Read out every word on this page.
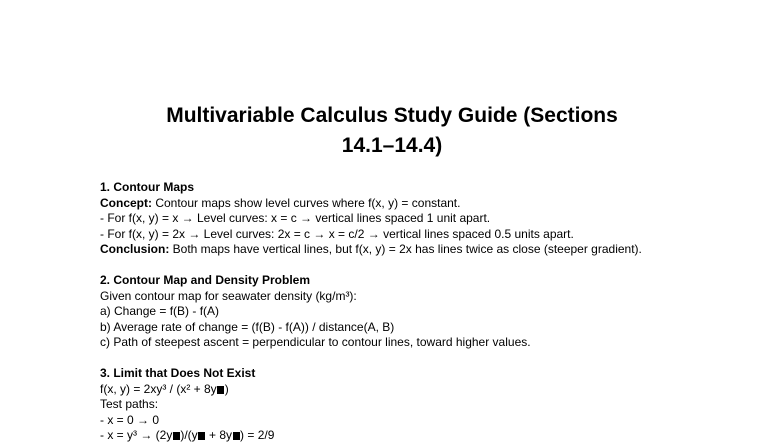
Multivariable Calculus Study Guide (Sections
14.1–14.4)

1. Contour Maps

Concept: Contour maps show level curves where f(x, y) = constant.

- For f(x, y) = x → Level curves: x = c → vertical lines spaced 1 unit apart.

- For f(x, y) = 2x → Level curves: 2x = c → x = c/2 → vertical lines spaced 0.5 units apart.

Conclusion: Both maps have vertical lines, but f(x, y) = 2x has lines twice as close (steeper gradient).

2. Contour Map and Density Problem

Given contour map for seawater density (kg/m³):

a) Change = f(B) - f(A)

b) Average rate of change = (f(B) - f(A)) / distance(A, B)

c) Path of steepest ascent = perpendicular to contour lines, toward higher values.

3. Limit that Does Not Exist

f(x, y) = 2xy³ / (x² + 8y )

Test paths:

- x = 0 → 0

- x = y³ → (2y )/(y + 8y ) = 2/9
